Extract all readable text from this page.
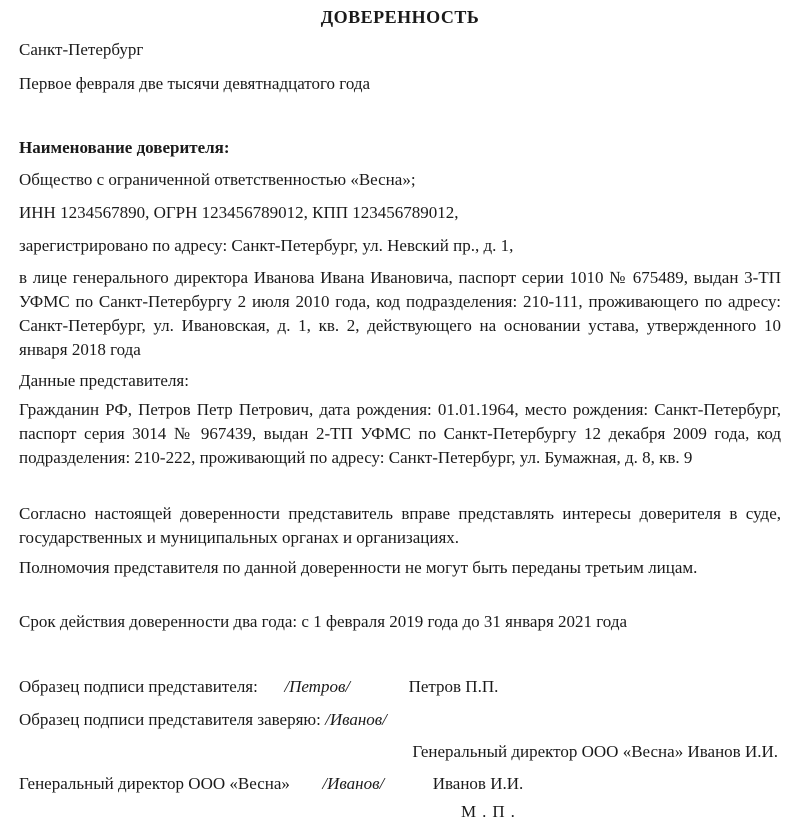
ДОВЕРЕННОСТЬ
Санкт-Петербург
Первое февраля две тысячи девятнадцатого года
Наименование доверителя:
Общество с ограниченной ответственностью «Весна»;
ИНН 1234567890, ОГРН 123456789012, КПП 123456789012,
зарегистрировано по адресу: Санкт-Петербург, ул. Невский пр., д. 1,
в лице генерального директора Иванова Ивана Ивановича, паспорт серии 1010 № 675489, выдан 3-ТП УФМС по Санкт-Петербургу 2 июля 2010 года, код подразделения: 210-111, проживающего по адресу: Санкт-Петербург, ул. Ивановская, д. 1, кв. 2, действующего на основании устава, утвержденного 10 января 2018 года
Данные представителя:
Гражданин РФ, Петров Петр Петрович, дата рождения: 01.01.1964, место рождения: Санкт-Петербург, паспорт серия 3014 № 967439, выдан 2-ТП УФМС по Санкт-Петербургу 12 декабря 2009 года, код подразделения: 210-222, проживающий по адресу: Санкт-Петербург, ул. Бумажная, д. 8, кв. 9
Согласно настоящей доверенности представитель вправе представлять интересы доверителя в суде, государственных и муниципальных органах и организациях.
Полномочия представителя по данной доверенности не могут быть переданы третьим лицам.
Срок действия доверенности два года: с 1 февраля 2019 года до 31 января 2021 года
Образец подписи представителя: /Петров/	Петров П.П.
Образец подписи представителя заверяю: /Иванов/
Генеральный директор ООО «Весна» Иванов И.И.
Генеральный директор ООО «Весна» /Иванов/	Иванов И.И.
М.П.
